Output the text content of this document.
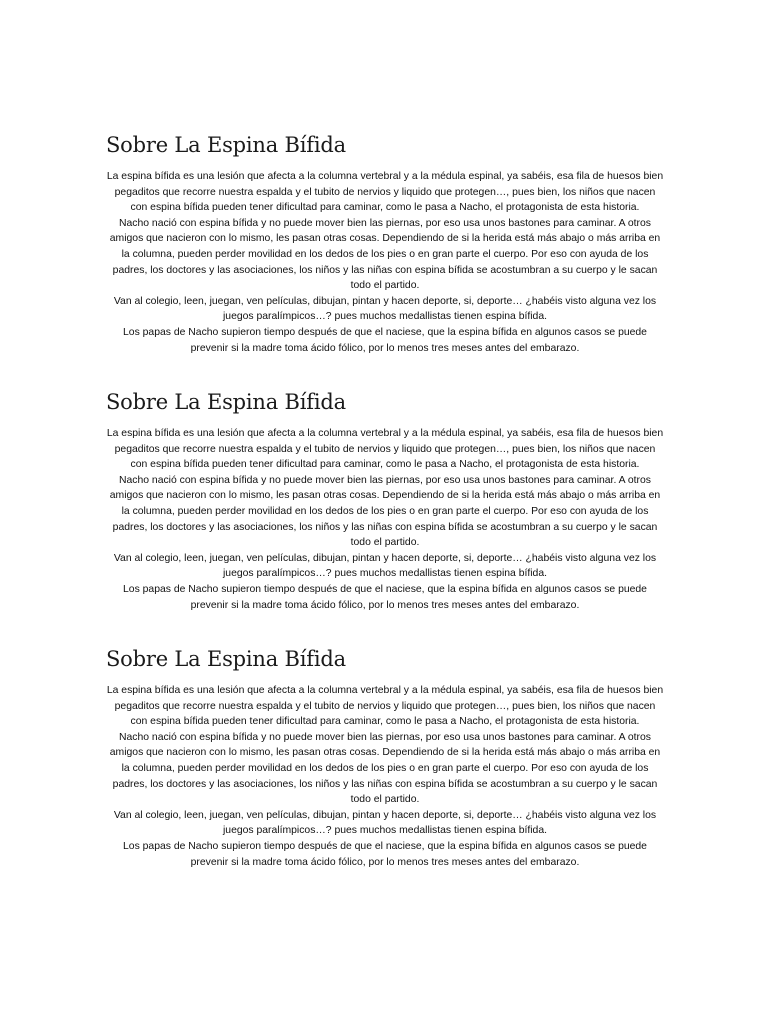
Sobre La Espina Bífida

La espina bífida es una lesión que afecta a la columna vertebral y a la médula espinal, ya sabéis, esa fila de huesos bien pegaditos que recorre nuestra espalda y el tubito de nervios y liquido que protegen…, pues bien, los niños que nacen con espina bífida pueden tener dificultad para caminar, como le pasa a Nacho, el protagonista de esta historia.

Nacho nació con espina bífida y no puede mover bien las piernas, por eso usa unos bastones para caminar. A otros amigos que nacieron con lo mismo, les pasan otras cosas. Dependiendo de si la herida está más abajo o más arriba en la columna, pueden perder movilidad en los dedos de los pies o en gran parte el cuerpo. Por eso con ayuda de los padres, los doctores y las asociaciones, los niños y las niñas con espina bífida se acostumbran a su cuerpo y le sacan todo el partido.

Van al colegio, leen, juegan, ven películas, dibujan, pintan y hacen deporte, si, deporte… ¿habéis visto alguna vez los juegos paralímpicos…? pues muchos medallistas tienen espina bífida.

Los papas de Nacho supieron tiempo después de que el naciese, que la espina bífida en algunos casos se puede prevenir si la madre toma ácido fólico, por lo menos tres meses antes del embarazo.

Sobre La Espina Bífida

La espina bífida es una lesión que afecta a la columna vertebral y a la médula espinal, ya sabéis, esa fila de huesos bien pegaditos que recorre nuestra espalda y el tubito de nervios y liquido que protegen…, pues bien, los niños que nacen con espina bífida pueden tener dificultad para caminar, como le pasa a Nacho, el protagonista de esta historia.

Nacho nació con espina bífida y no puede mover bien las piernas, por eso usa unos bastones para caminar. A otros amigos que nacieron con lo mismo, les pasan otras cosas. Dependiendo de si la herida está más abajo o más arriba en la columna, pueden perder movilidad en los dedos de los pies o en gran parte el cuerpo. Por eso con ayuda de los padres, los doctores y las asociaciones, los niños y las niñas con espina bífida se acostumbran a su cuerpo y le sacan todo el partido.

Van al colegio, leen, juegan, ven películas, dibujan, pintan y hacen deporte, si, deporte… ¿habéis visto alguna vez los juegos paralímpicos…? pues muchos medallistas tienen espina bífida.

Los papas de Nacho supieron tiempo después de que el naciese, que la espina bífida en algunos casos se puede prevenir si la madre toma ácido fólico, por lo menos tres meses antes del embarazo.

Sobre La Espina Bífida

La espina bífida es una lesión que afecta a la columna vertebral y a la médula espinal, ya sabéis, esa fila de huesos bien pegaditos que recorre nuestra espalda y el tubito de nervios y liquido que protegen…, pues bien, los niños que nacen con espina bífida pueden tener dificultad para caminar, como le pasa a Nacho, el protagonista de esta historia.

Nacho nació con espina bífida y no puede mover bien las piernas, por eso usa unos bastones para caminar. A otros amigos que nacieron con lo mismo, les pasan otras cosas. Dependiendo de si la herida está más abajo o más arriba en la columna, pueden perder movilidad en los dedos de los pies o en gran parte el cuerpo. Por eso con ayuda de los padres, los doctores y las asociaciones, los niños y las niñas con espina bífida se acostumbran a su cuerpo y le sacan todo el partido.

Van al colegio, leen, juegan, ven películas, dibujan, pintan y hacen deporte, si, deporte… ¿habéis visto alguna vez los juegos paralímpicos…? pues muchos medallistas tienen espina bífida.

Los papas de Nacho supieron tiempo después de que el naciese, que la espina bífida en algunos casos se puede prevenir si la madre toma ácido fólico, por lo menos tres meses antes del embarazo.
